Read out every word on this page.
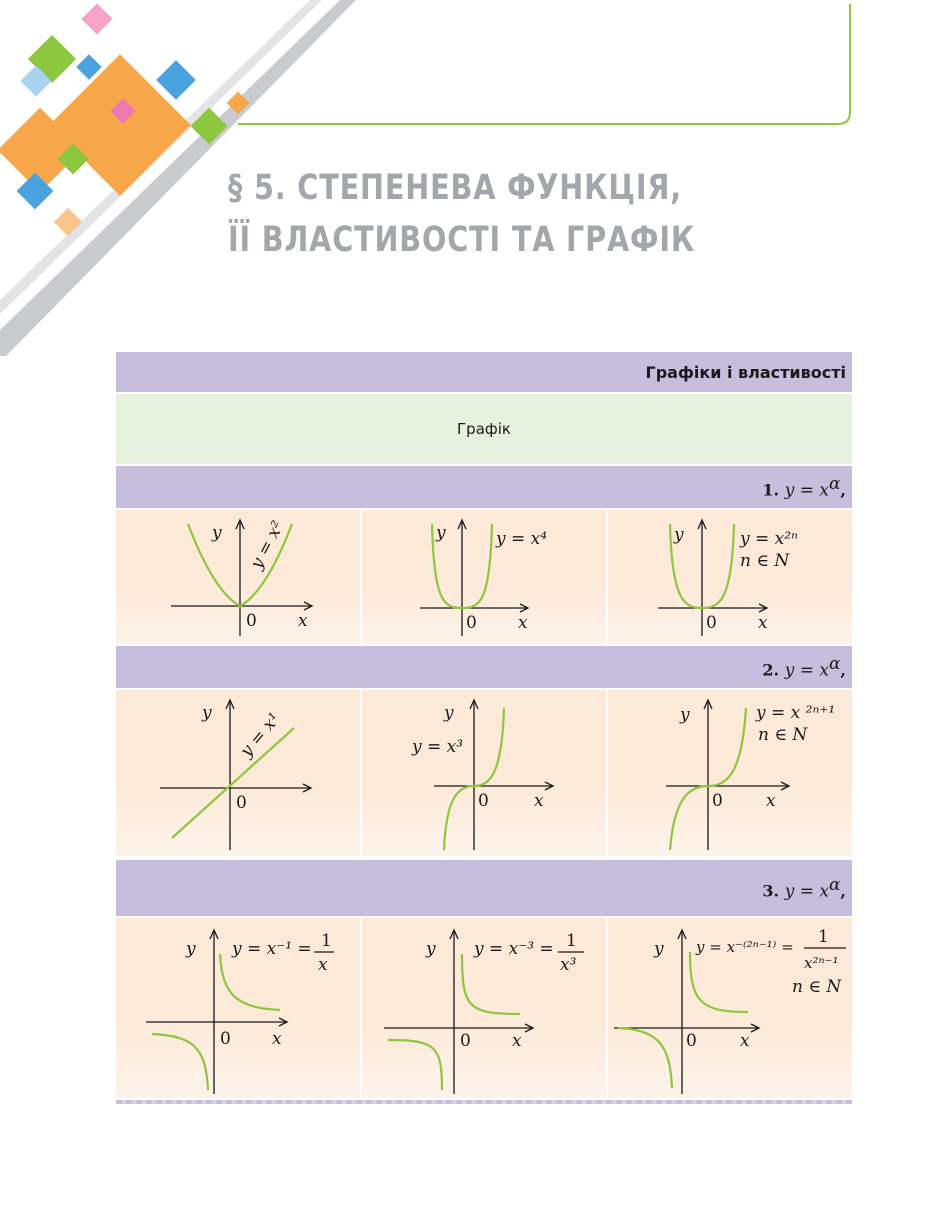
§ 5. СТЕПЕНЕВА ФУНКЦІЯ,
ЇЇ ВЛАСТИВОСТІ ТА ГРАФІК
Графіки і властивості
Графік
1. $y = x^\alpha$,
y
x
0
y = x²	y
x
0
y = x⁴	y
x
0
y = x²ⁿ
n ∈ N
2. $y = x^\alpha$,
y
0
y = x¹	y
x
0
y = x³
y
x
0
y = x ²ⁿ⁺¹
n ∈ N
3. $y = x^\alpha$,
y
x
0
y = x⁻¹ = 1
x
y
x
0
y = x⁻³ = 1
x³
y
x
0
y = x⁻⁽²ⁿ⁻¹⁾ = 1
x²ⁿ⁻¹
n ∈ N
